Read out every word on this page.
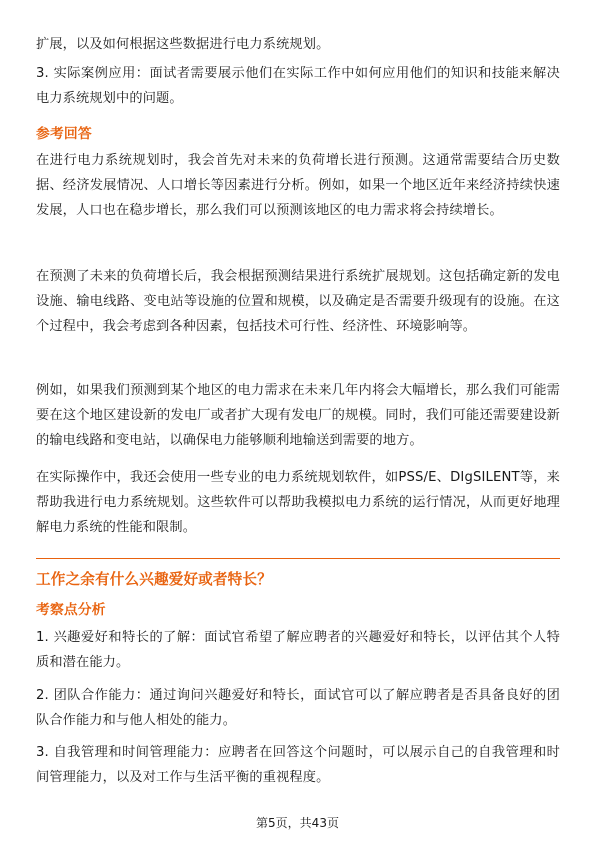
扩展，以及如何根据这些数据进行电力系统规划。

3. 实际案例应用：面试者需要展示他们在实际工作中如何应用他们的知识和技能来解决电力系统规划中的问题。

参考回答

在进行电力系统规划时，我会首先对未来的负荷增长进行预测。这通常需要结合历史数据、经济发展情况、人口增长等因素进行分析。例如，如果一个地区近年来经济持续快速发展，人口也在稳步增长，那么我们可以预测该地区的电力需求将会持续增长。

在预测了未来的负荷增长后，我会根据预测结果进行系统扩展规划。这包括确定新的发电设施、输电线路、变电站等设施的位置和规模，以及确定是否需要升级现有的设施。在这个过程中，我会考虑到各种因素，包括技术可行性、经济性、环境影响等。

例如，如果我们预测到某个地区的电力需求在未来几年内将会大幅增长，那么我们可能需要在这个地区建设新的发电厂或者扩大现有发电厂的规模。同时，我们可能还需要建设新的输电线路和变电站，以确保电力能够顺利地输送到需要的地方。

在实际操作中，我还会使用一些专业的电力系统规划软件，如PSS/E、DIgSILENT等，来帮助我进行电力系统规划。这些软件可以帮助我模拟电力系统的运行情况，从而更好地理解电力系统的性能和限制。

工作之余有什么兴趣爱好或者特长？

考察点分析

1. 兴趣爱好和特长的了解：面试官希望了解应聘者的兴趣爱好和特长，以评估其个人特质和潜在能力。

2. 团队合作能力：通过询问兴趣爱好和特长，面试官可以了解应聘者是否具备良好的团队合作能力和与他人相处的能力。

3. 自我管理和时间管理能力：应聘者在回答这个问题时，可以展示自己的自我管理和时间管理能力，以及对工作与生活平衡的重视程度。

第5页，共43页
